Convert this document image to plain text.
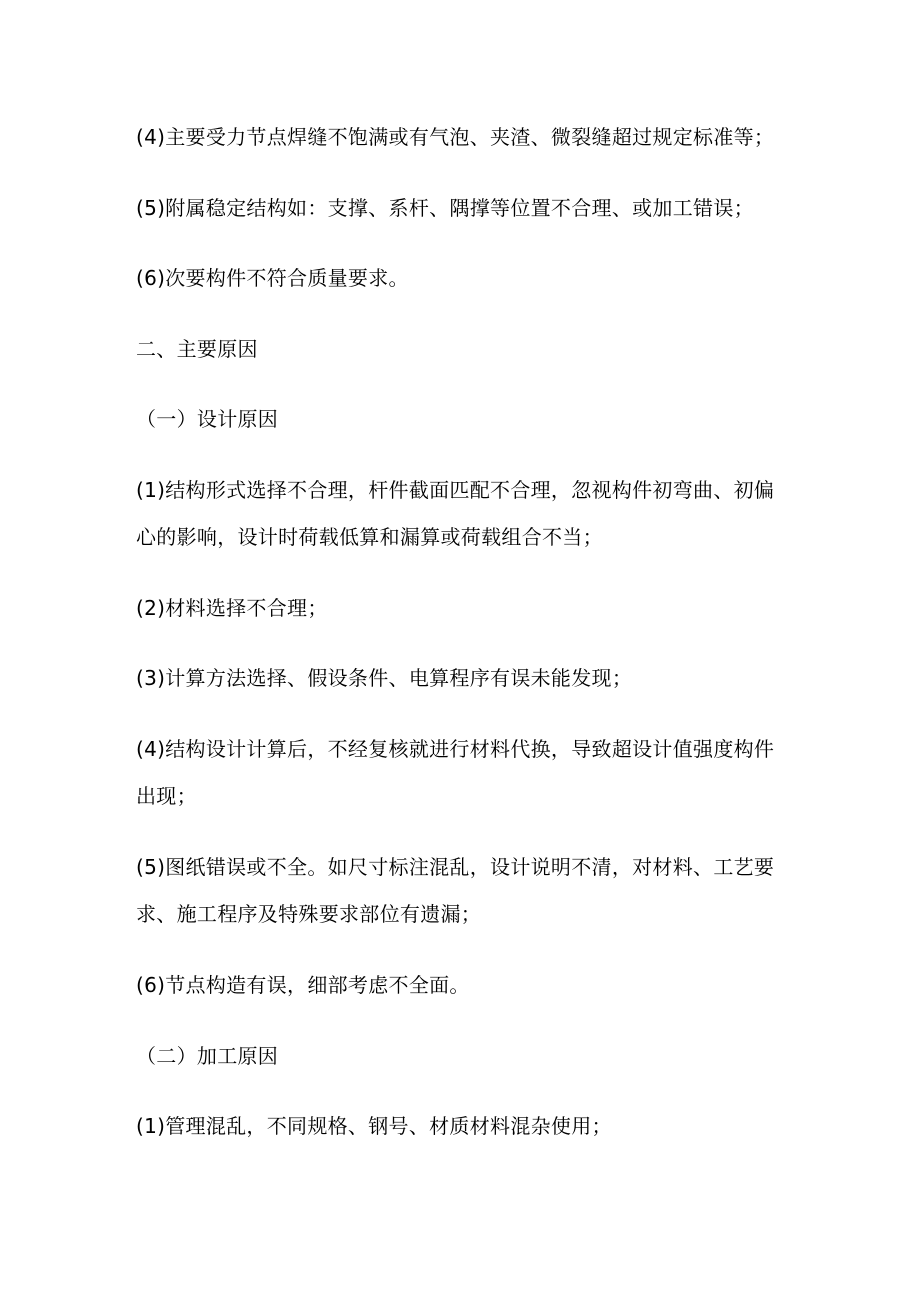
(4)主要受力节点焊缝不饱满或有气泡、夹渣、微裂缝超过规定标准等；

(5)附属稳定结构如：支撑、系杆、隅撑等位置不合理、或加工错误；

(6)次要构件不符合质量要求。

二、主要原因

（一）设计原因

(1)结构形式选择不合理，杆件截面匹配不合理，忽视构件初弯曲、初偏

心的影响，设计时荷载低算和漏算或荷载组合不当；

(2)材料选择不合理；

(3)计算方法选择、假设条件、电算程序有误未能发现；

(4)结构设计计算后，不经复核就进行材料代换，导致超设计值强度构件

出现；

(5)图纸错误或不全。如尺寸标注混乱，设计说明不清，对材料、工艺要

求、施工程序及特殊要求部位有遗漏；

(6)节点构造有误，细部考虑不全面。

（二）加工原因

(1)管理混乱，不同规格、钢号、材质材料混杂使用；
